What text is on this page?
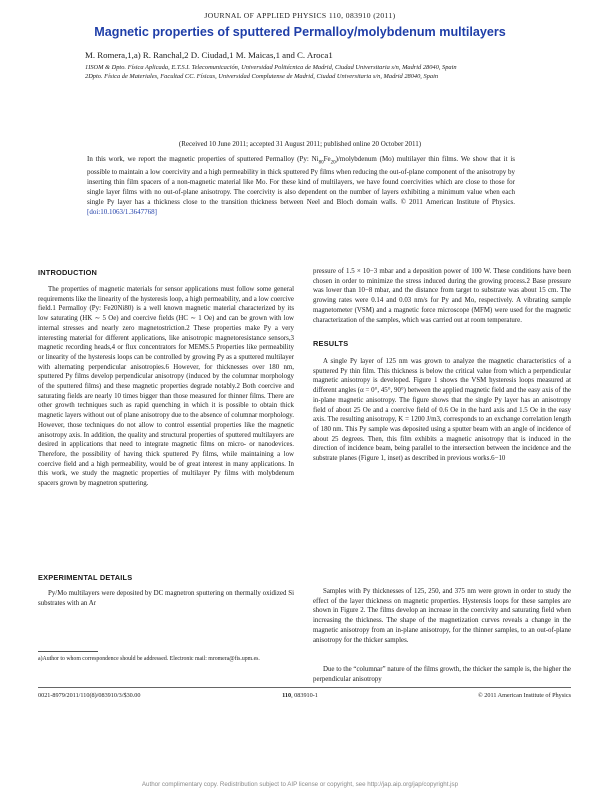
JOURNAL OF APPLIED PHYSICS 110, 083910 (2011)
Magnetic properties of sputtered Permalloy/molybdenum multilayers
M. Romera,1,a) R. Ranchal,2 D. Ciudad,1 M. Maicas,1 and C. Aroca1
1ISOM & Dpto. Física Aplicada, E.T.S.I. Telecomunicación, Universidad Politécnica de Madrid, Ciudad Universitaria s/n, Madrid 28040, Spain
2Dpto. Física de Materiales, Facultad CC. Físicas, Universidad Complutense de Madrid, Ciudad Universitaria s/n, Madrid 28040, Spain
(Received 10 June 2011; accepted 31 August 2011; published online 20 October 2011)
In this work, we report the magnetic properties of sputtered Permalloy (Py: $Ni_{80}Fe_{20}$)/molybdenum (Mo) multilayer thin films. We show that it is possible to maintain a low coercivity and a high permeability in thick sputtered Py films when reducing the out-of-plane component of the anisotropy by inserting thin film spacers of a non-magnetic material like Mo. For these kind of multilayers, we have found coercivities which are close to those for single layer films with no out-of-plane anisotropy. The coercivity is also dependent on the number of layers exhibiting a minimum value when each single Py layer has a thickness close to the transition thickness between Neel and Bloch domain walls. © 2011 American Institute of Physics. [doi:10.1063/1.3647768]
INTRODUCTION
The properties of magnetic materials for sensor applications must follow some general requirements like the linearity of the hysteresis loop, a high permeability, and a low coercive field.1 Permalloy (Py: Fe20Ni80) is a well known magnetic material characterized by its low saturating (HK ∼ 5 Oe) and coercive fields (HC ∼ 1 Oe) and can be grown with low internal stresses and nearly zero magnetostriction.2 These properties make Py a very interesting material for different applications, like anisotropic magnetoresistance sensors,3 magnetic recording heads,4 or flux concentrators for MEMS.5 Properties like permeability or linearity of the hysteresis loops can be controlled by growing Py as a sputtered multilayer with alternating perpendicular anisotropies.6 However, for thicknesses over 180 nm, sputtered Py films develop perpendicular anisotropy (induced by the columnar morphology of the sputtered films) and these magnetic properties degrade notably.2 Both coercive and saturating fields are nearly 10 times bigger than those measured for thinner films. There are other growth techniques such as rapid quenching in which it is possible to obtain thick magnetic layers without out of plane anisotropy due to the absence of columnar morphology. However, those techniques do not allow to control essential properties like the magnetic anisotropy axis. In addition, the quality and structural properties of sputtered multilayers are desired in applications that need to integrate magnetic films on micro- or nanodevices. Therefore, the possibility of having thick sputtered Py films, while maintaining a low coercive field and a high permeability, would be of great interest in many applications. In this work, we study the magnetic properties of multilayer Py films with molybdenum spacers grown by magnetron sputtering.
EXPERIMENTAL DETAILS
Py/Mo multilayers were deposited by DC magnetron sputtering on thermally oxidized Si substrates with an Ar
pressure of 1.5 × 10−3 mbar and a deposition power of 100 W. These conditions have been chosen in order to minimize the stress induced during the growing process.2 Base pressure was lower than 10−8 mbar, and the distance from target to substrate was about 15 cm. The growing rates were 0.14 and 0.03 nm/s for Py and Mo, respectively. A vibrating sample magnetometer (VSM) and a magnetic force microscope (MFM) were used for the magnetic characterization of the samples, which was carried out at room temperature.
RESULTS
A single Py layer of 125 nm was grown to analyze the magnetic characteristics of a sputtered Py thin film. This thickness is below the critical value from which a perpendicular magnetic anisotropy is developed. Figure 1 shows the VSM hysteresis loops measured at different angles (α = 0°, 45°, 90°) between the applied magnetic field and the easy axis of the in-plane magnetic anisotropy. The figure shows that the single Py layer has an anisotropy field of about 25 Oe and a coercive field of 0.6 Oe in the hard axis and 1.5 Oe in the easy axis. The resulting anisotropy, K = 1200 J/m3, corresponds to an exchange correlation length of 180 nm. This Py sample was deposited using a sputter beam with an angle of incidence of about 25 degrees. Then, this film exhibits a magnetic anisotropy that is induced in the direction of incidence beam, being parallel to the intersection between the incidence and the substrate planes (Figure 1, inset) as described in previous works.6−10
Samples with Py thicknesses of 125, 250, and 375 nm were grown in order to study the effect of the layer thickness on magnetic properties. Hysteresis loops for these samples are shown in Figure 2. The films develop an increase in the coercivity and saturating field when increasing the thickness. The shape of the magnetization curves reveals a change in the magnetic anisotropy from an in-plane anisotropy, for the thinner samples, to an out-of-plane anisotropy for the thicker samples.
Due to the “columnar” nature of the films growth, the thicker the sample is, the higher the perpendicular anisotropy
a)Author to whom correspondence should be addressed. Electronic mail: mromera@fis.upm.es.
0021-8979/2011/110(8)/083910/3/$30.00	110, 083910-1	© 2011 American Institute of Physics
Author complimentary copy. Redistribution subject to AIP license or copyright, see http://jap.aip.org/jap/copyright.jsp
